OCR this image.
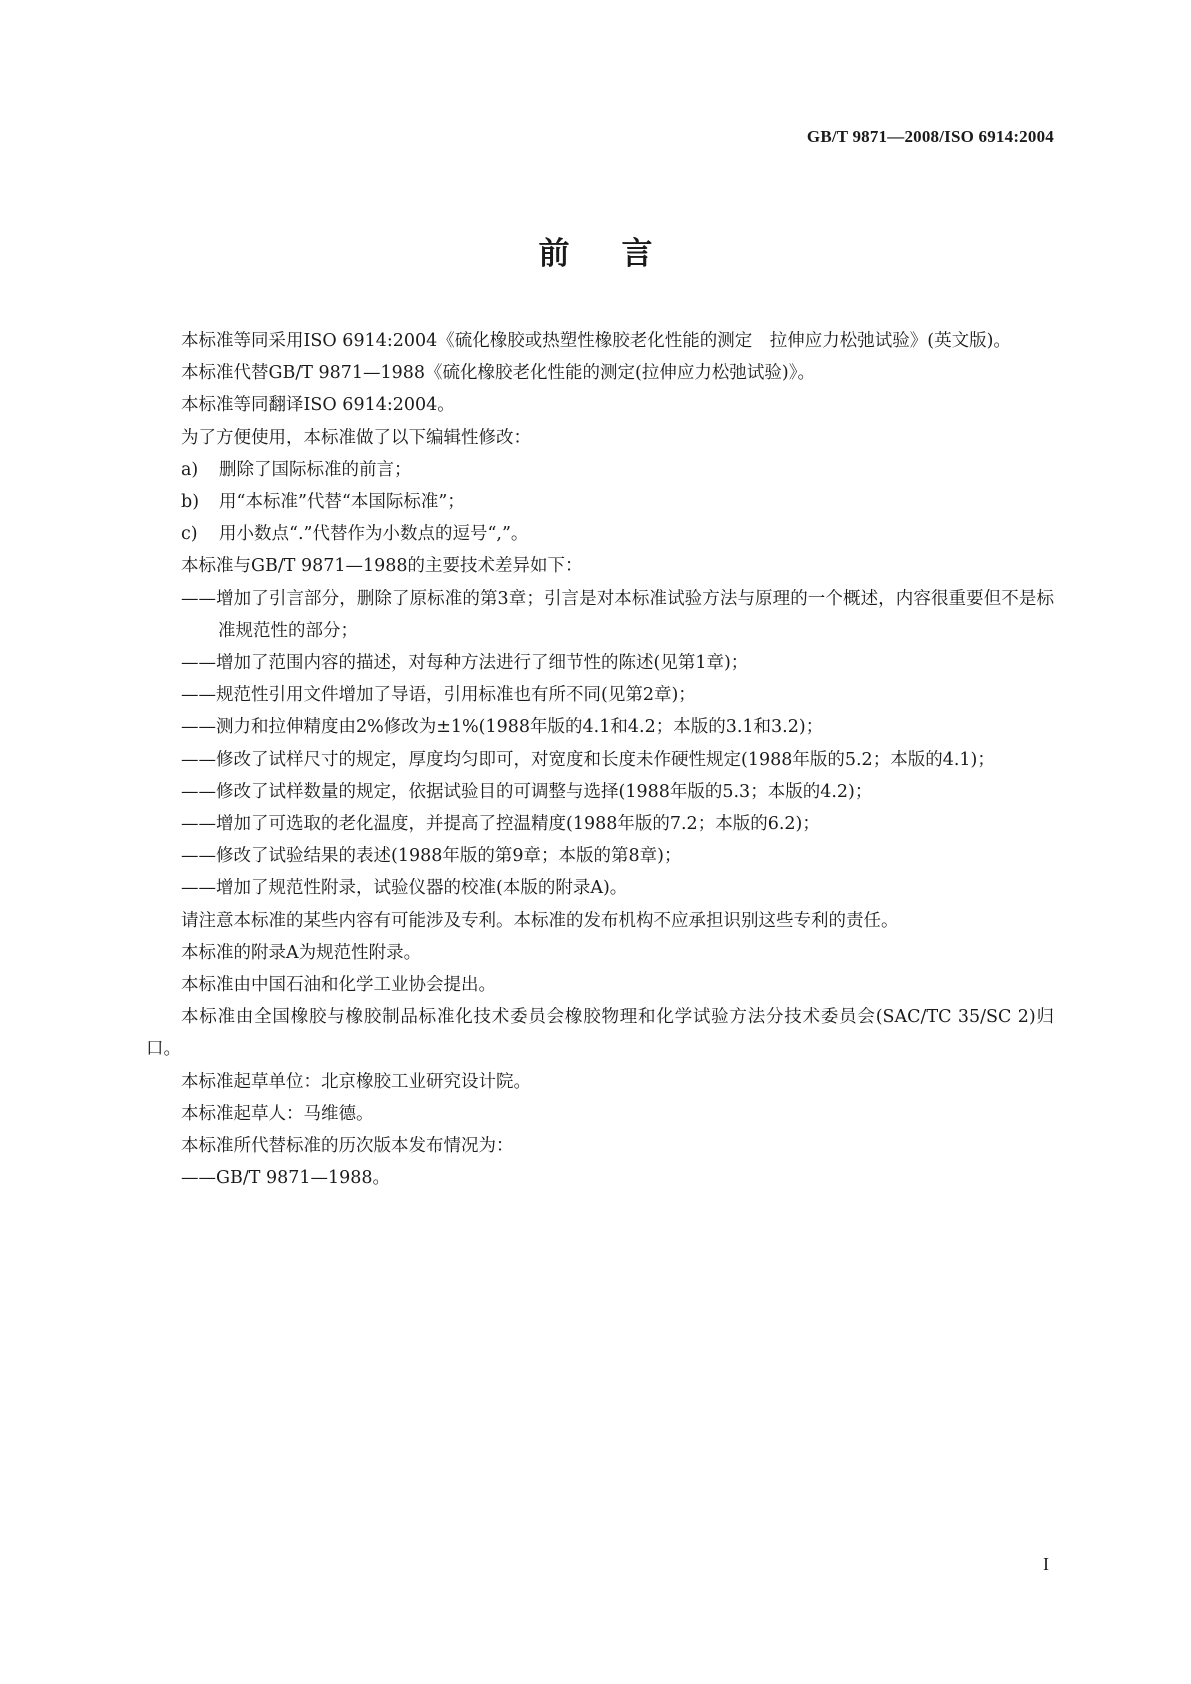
GB/T 9871—2008/ISO 6914:2004
前言

本标准等同采用ISO 6914:2004《硫化橡胶或热塑性橡胶老化性能的测定　拉伸应力松弛试验》(英文版)。

本标准代替GB/T 9871—1988《硫化橡胶老化性能的测定(拉伸应力松弛试验)》。

本标准等同翻译ISO 6914:2004。

为了方便使用，本标准做了以下编辑性修改：

a) 删除了国际标准的前言；

b) 用“本标准”代替“本国际标准”；

c) 用小数点“.”代替作为小数点的逗号“,”。

本标准与GB/T 9871—1988的主要技术差异如下：

——增加了引言部分，删除了原标准的第3章；引言是对本标准试验方法与原理的一个概述，内容很重要但不是标准规范性的部分；

——增加了范围内容的描述，对每种方法进行了细节性的陈述(见第1章)；

——规范性引用文件增加了导语，引用标准也有所不同(见第2章)；

——测力和拉伸精度由2%修改为±1%(1988年版的4.1和4.2；本版的3.1和3.2)；

——修改了试样尺寸的规定，厚度均匀即可，对宽度和长度未作硬性规定(1988年版的5.2；本版的4.1)；

——修改了试样数量的规定，依据试验目的可调整与选择(1988年版的5.3；本版的4.2)；

——增加了可选取的老化温度，并提高了控温精度(1988年版的7.2；本版的6.2)；

——修改了试验结果的表述(1988年版的第9章；本版的第8章)；

——增加了规范性附录，试验仪器的校准(本版的附录A)。

请注意本标准的某些内容有可能涉及专利。本标准的发布机构不应承担识别这些专利的责任。

本标准的附录A为规范性附录。

本标准由中国石油和化学工业协会提出。

本标准由全国橡胶与橡胶制品标准化技术委员会橡胶物理和化学试验方法分技术委员会(SAC/TC 35/SC 2)归口。

本标准起草单位：北京橡胶工业研究设计院。

本标准起草人：马维德。

本标准所代替标准的历次版本发布情况为：

——GB/T 9871—1988。

I
